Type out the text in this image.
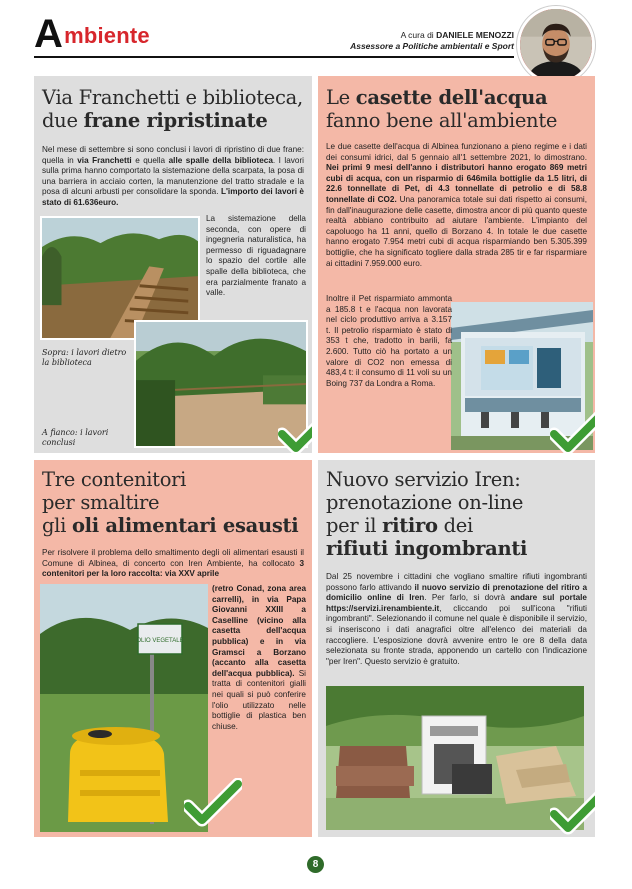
Ambiente	A cura di DANIELE MENOZZI
Assessore a Politiche ambientali e Sport
Via Franchetti e biblioteca,
due frane ripristinate
Nel mese di settembre si sono conclusi i lavori di ripristino di due frane: quella in via Franchetti e quella alle spalle della biblioteca. I lavori sulla prima hanno comportato la sistemazione della scarpata, la posa di una barriera in acciaio corten, la manutenzione del tratto stradale e la posa di alcuni arbusti per consolidare la sponda. L'importo dei lavori è stato di 61.636euro.
La sistemazione della seconda, con opere di ingegneria naturalistica, ha permesso di riguadagnare lo spazio del cortile alle spalle della biblioteca, che era parzialmente franato a valle.
Sopra: i lavori dietro la biblioteca
A fianco: i lavori conclusi
Le casette dell'acqua
fanno bene all'ambiente
Le due casette dell'acqua di Albinea funzionano a pieno regime e i dati dei consumi idrici, dal 5 gennaio all'1 settembre 2021, lo dimostrano. Nei primi 9 mesi dell'anno i distributori hanno erogato 869 metri cubi di acqua, con un risparmio di 646mila bottiglie da 1.5 litri, di 22.6 tonnellate di Pet, di 4.3 tonnellate di petrolio e di 58.8 tonnellate di CO2. Una panoramica totale sui dati rispetto ai consumi, fin dall'inaugurazione delle casette, dimostra ancor di più quanto queste realtà abbiano contribuito ad aiutare l'ambiente. L'impianto del capoluogo ha 11 anni, quello di Borzano 4. In totale le due casette hanno erogato 7.954 metri cubi di acqua risparmiando ben 5.305.399 bottiglie, che ha significato togliere dalla strada 285 tir e far risparmiare ai cittadini 7.959.000 euro.
Inoltre il Pet risparmiato ammonta a 185.8 t e l'acqua non lavorata nel ciclo produttivo arriva a 3.157 t. Il petrolio risparmiato è stato di 353 t che, tradotto in barili, fa 2.600. Tutto ciò ha portato a un valore di CO2 non emessa di 483,4 t: il consumo di 11 voli su un Boing 737 da Londra a Roma.
Tre contenitori
per smaltire
gli oli alimentari esausti
Per risolvere il problema dello smaltimento degli oli alimentari esausti il Comune di Albinea, di concerto con Iren Ambiente, ha collocato 3 contenitori per la loro raccolta: via XXV aprile
OLIO VEGETALE
(retro Conad, zona area carrelli), in via Papa Giovanni XXIII a Caselline (vicino alla casetta dell'acqua pubblica) e in via Gramsci a Borzano (accanto alla casetta dell'acqua pubblica). Si tratta di contenitori gialli nei quali si può conferire l'olio utilizzato nelle bottiglie di plastica ben chiuse.
Nuovo servizio Iren:
prenotazione on-line
per il ritiro dei
rifiuti ingombranti
Dal 25 novembre i cittadini che vogliano smaltire rifiuti ingombranti possono farlo attivando il nuovo servizio di prenotazione del ritiro a domicilio online di Iren. Per farlo, si dovrà andare sul portale https://servizi.irenambiente.it, cliccando poi sull'icona "rifiuti ingombranti". Selezionando il comune nel quale è disponibile il servizio, si inseriscono i dati anagrafici oltre all'elenco dei materiali da raccogliere. L'esposizione dovrà avvenire entro le ore 8 della data selezionata su fronte strada, apponendo un cartello con l'indicazione "per Iren". Questo servizio è gratuito.
8
